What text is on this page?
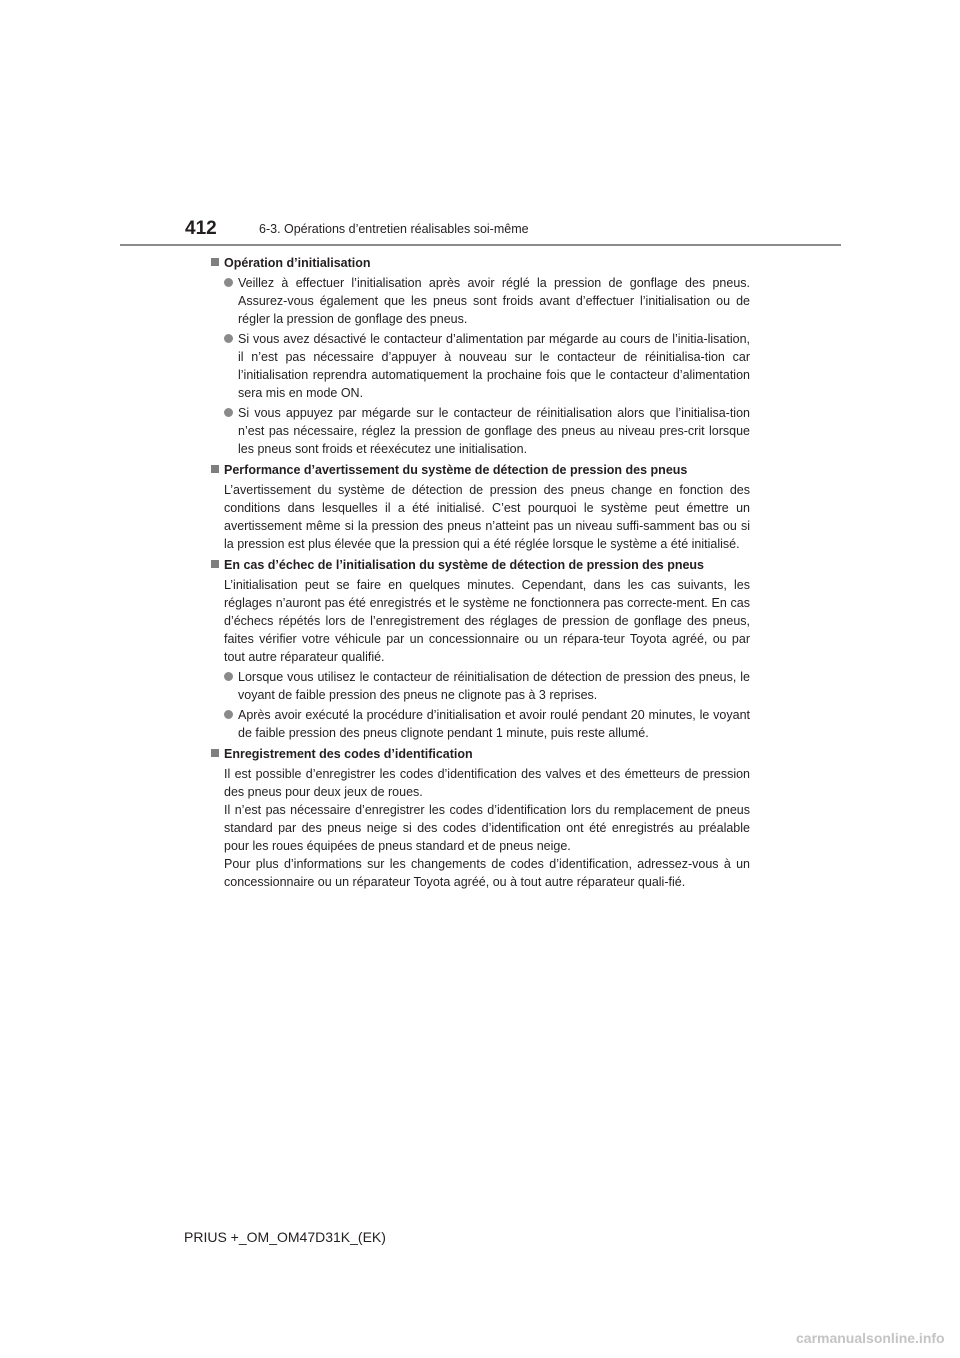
412	6-3. Opérations d’entretien réalisables soi-même
Opération d’initialisation
Veillez à effectuer l’initialisation après avoir réglé la pression de gonflage des pneus. Assurez-vous également que les pneus sont froids avant d’effectuer l’initialisation ou de régler la pression de gonflage des pneus.
Si vous avez désactivé le contacteur d’alimentation par mégarde au cours de l’initia-lisation, il n’est pas nécessaire d’appuyer à nouveau sur le contacteur de réinitialisa-tion car l’initialisation reprendra automatiquement la prochaine fois que le contacteur d’alimentation sera mis en mode ON.
Si vous appuyez par mégarde sur le contacteur de réinitialisation alors que l’initialisa-tion n’est pas nécessaire, réglez la pression de gonflage des pneus au niveau pres-crit lorsque les pneus sont froids et réexécutez une initialisation.
Performance d’avertissement du système de détection de pression des pneus
L’avertissement du système de détection de pression des pneus change en fonction des conditions dans lesquelles il a été initialisé. C’est pourquoi le système peut émettre un avertissement même si la pression des pneus n’atteint pas un niveau suffi-samment bas ou si la pression est plus élevée que la pression qui a été réglée lorsque le système a été initialisé.
En cas d’échec de l’initialisation du système de détection de pression des pneus
L’initialisation peut se faire en quelques minutes. Cependant, dans les cas suivants, les réglages n’auront pas été enregistrés et le système ne fonctionnera pas correcte-ment. En cas d’échecs répétés lors de l’enregistrement des réglages de pression de gonflage des pneus, faites vérifier votre véhicule par un concessionnaire ou un répara-teur Toyota agréé, ou par tout autre réparateur qualifié.
Lorsque vous utilisez le contacteur de réinitialisation de détection de pression des pneus, le voyant de faible pression des pneus ne clignote pas à 3 reprises.
Après avoir exécuté la procédure d’initialisation et avoir roulé pendant 20 minutes, le voyant de faible pression des pneus clignote pendant 1 minute, puis reste allumé.
Enregistrement des codes d’identification
Il est possible d’enregistrer les codes d’identification des valves et des émetteurs de pression des pneus pour deux jeux de roues.
Il n’est pas nécessaire d’enregistrer les codes d’identification lors du remplacement de pneus standard par des pneus neige si des codes d’identification ont été enregistrés au préalable pour les roues équipées de pneus standard et de pneus neige.
Pour plus d’informations sur les changements de codes d’identification, adressez-vous à un concessionnaire ou un réparateur Toyota agréé, ou à tout autre réparateur quali-fié.
PRIUS +_OM_OM47D31K_(EK)
carmanualsonline.info
